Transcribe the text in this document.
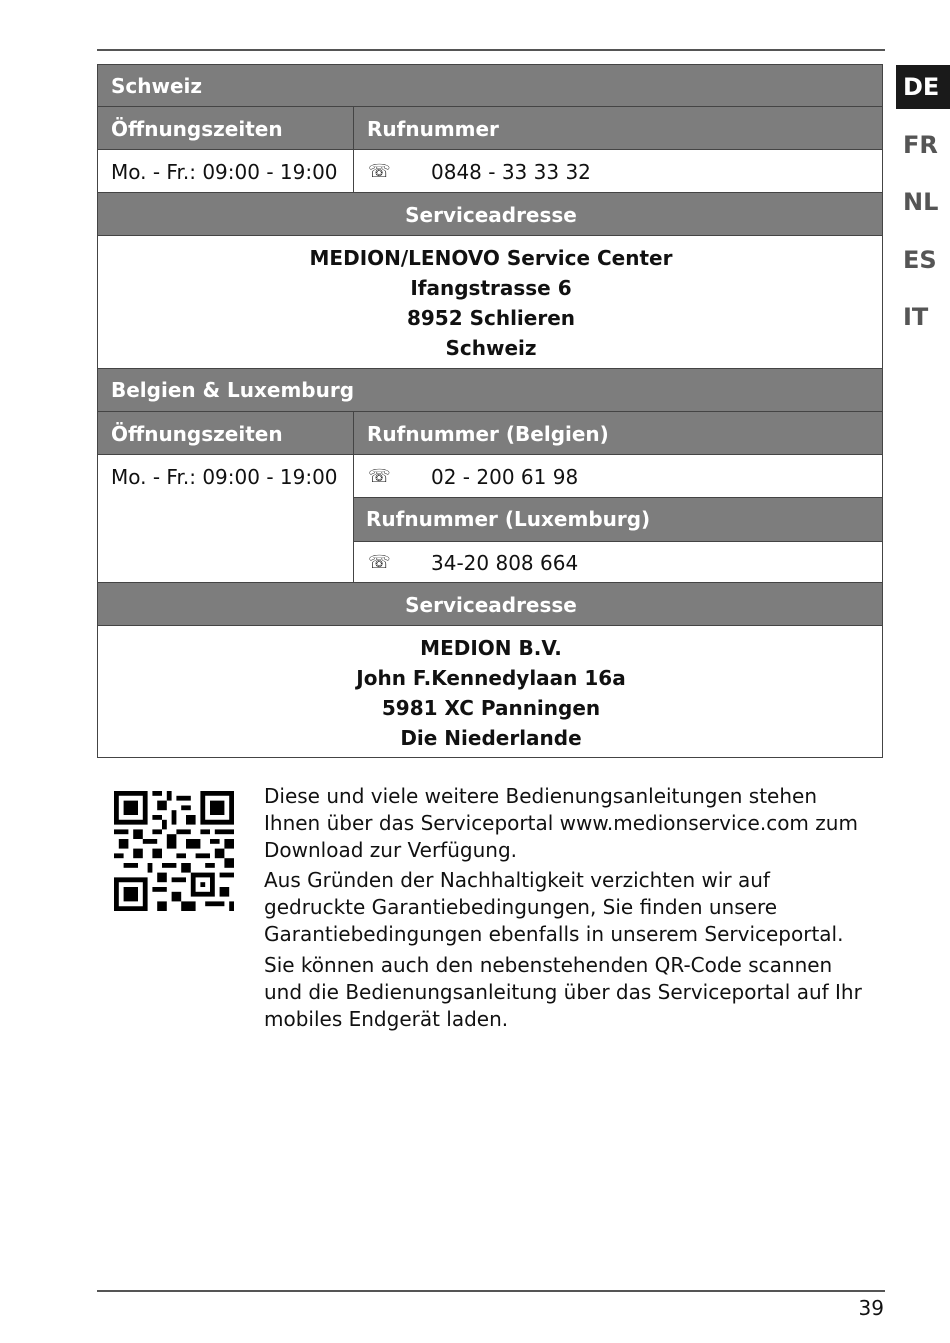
DE
FR
NL
ES
IT
Schweiz
Öffnungszeiten	Rufnummer
Mo. - Fr.: 09:00 - 19:00 ☏ 0848 - 33 33 32
Serviceadresse
MEDION/LENOVO Service Center
Ifangstrasse 6
8952 Schlieren
Schweiz
Belgien & Luxemburg
Öffnungszeiten	Rufnummer (Belgien)
Mo. - Fr.: 09:00 - 19:00 ☏ 02 - 200 61 98
Rufnummer (Luxemburg)
☏ 34-20 808 664
Serviceadresse
MEDION B.V.
John F.Kennedylaan 16a
5981 XC Panningen
Die Niederlande
Diese und viele weitere Bedienungsanleitungen stehen Ihnen über das Serviceportal www.medionservice.com zum Download zur Verfügung.
Aus Gründen der Nachhaltigkeit verzichten wir auf gedruckte Garantiebedingungen, Sie finden unsere Garantiebedingungen ebenfalls in unserem Serviceportal.
Sie können auch den nebenstehenden QR-Code scannen und die Bedienungsanleitung über das Serviceportal auf Ihr mobiles Endgerät laden.
39
